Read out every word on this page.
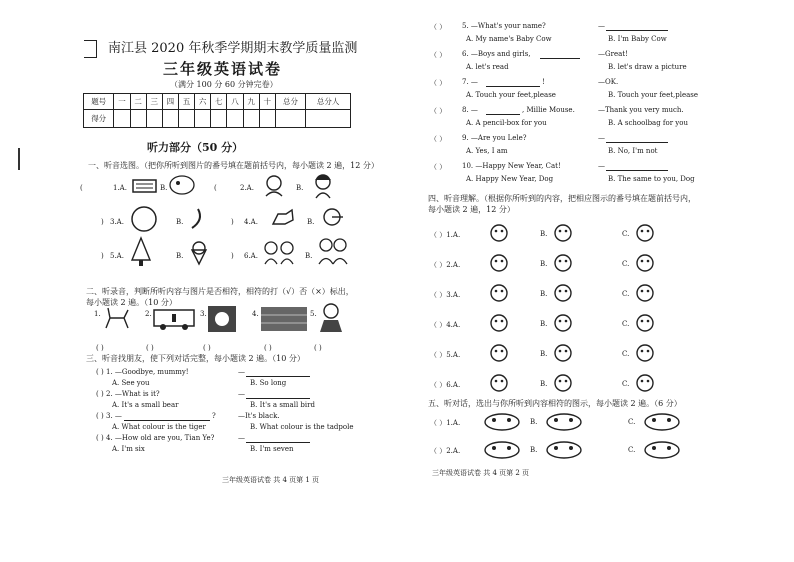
南江县 2020 年秋季学期期末教学质量监测
三年级英语试卷
（满分 100 分 60 分钟完卷）
题号	一	二	三	四	五	六	七	八	九	十	总分	总分人
得分												
听力部分（50 分）
一、听音选图。（把你所听到图片的番号填在题前括号内，每小题读 2 遍，12 分）
(	1.A.	B.	(	2.A.	B.
) 3.A.	B.	) 4.A.	B.
) 5.A.	B.	) 6.A.	B.
二、听录音，判断所听内容与图片是否相符，相符的打（√）否（×）标出，每小题读 2 遍。（10 分）
1.	2.	3.	4.	5.
( )	( )	( )	( )	( )
三、听音找朋友，使下列对话完整，每小题读 2 遍。（10 分）
( ) 1. —Goodbye, mummy!	—
A. See you	B. So long
( ) 2. —What is it?	—
A. It's a small bear	B. It's a small bird
( ) 3. —	?	—It's black.
A. What colour is the tiger	B. What colour is the tadpole
( ) 4. —How old are you, Tian Ye?	—
A. I'm six	B. I'm seven
三年级英语试卷 共 4 页第 1 页
（ ） 5. —What's your name?	—
A. My name's Baby Cow	B. I'm Baby Cow
（ ） 6. —Boys and girls,	—Great!
A. let's read	B. let's draw a picture
（ ） 7. —	!	—OK.
A. Touch your feet,please	B. Touch your feet,please
（ ） 8. —	, Millie Mouse.	—Thank you very much.
A. A pencil-box for you	B. A schoolbag for you
（ ） 9. —Are you Lele?	—
A. Yes, I am	B. No, I'm not
（ ） 10. —Happy New Year, Cat!	—
A. Happy New Year, Dog	B. The same to you, Dog
四、听音理解。（根据你所听到的内容，把相应图示的番号填在题前括号内，每小题读 2 遍，12 分）
（ ）1.A.	B.	C.
（ ）2.A.	B.	C.
（ ）3.A.	B.	C.
（ ）4.A.	B.	C.
（ ）5.A.	B.	C.
（ ）6.A.	B.	C.
五、听对话，选出与你所听到内容相符的图示，每小题读 2 遍。（6 分）
（ ）1.A.	B.	C.
（ ）2.A.	B.	C.
三年级英语试卷 共 4 页第 2 页
